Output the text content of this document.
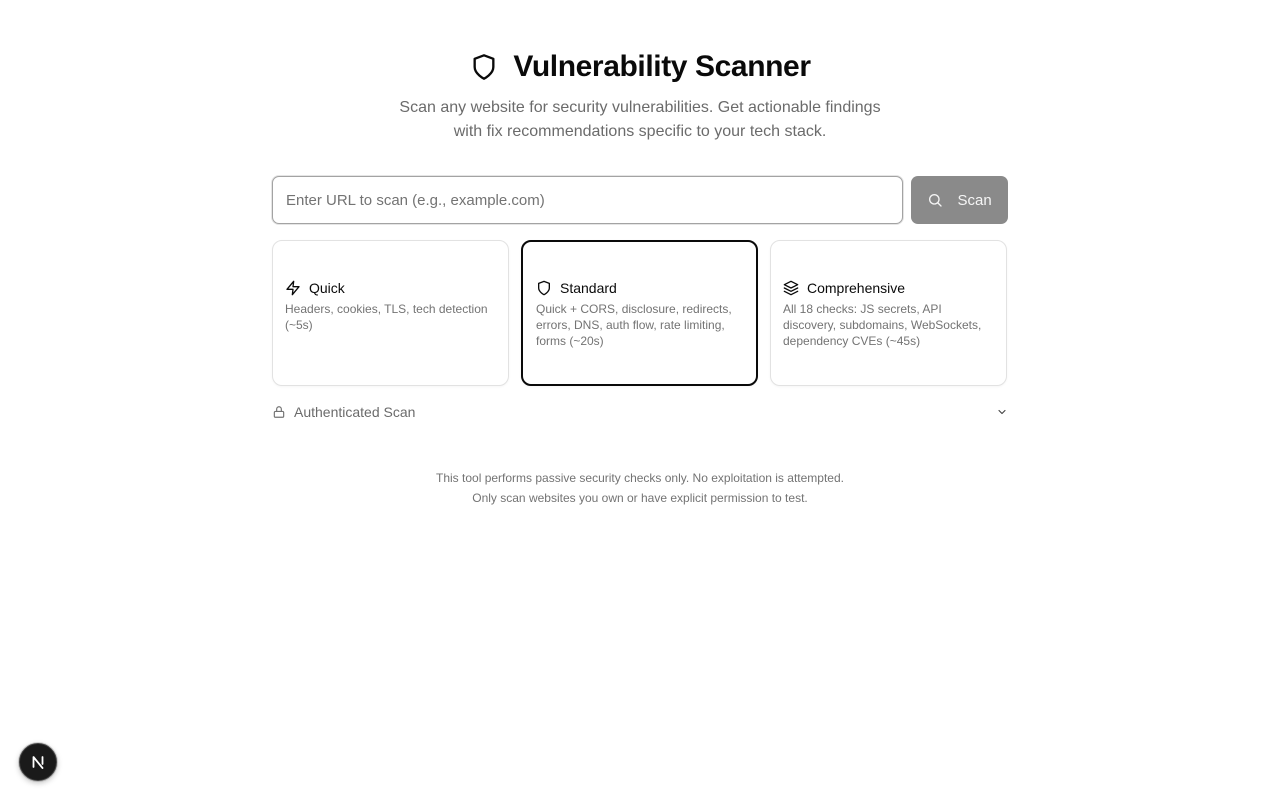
Vulnerability Scanner

Scan any website for security vulnerabilities. Get actionable findings with fix recommendations specific to your tech stack.

Enter URL to scan (e.g., example.com)
Scan
Quick

Headers, cookies, TLS, tech detection (~5s)

Standard

Quick + CORS, disclosure, redirects, errors, DNS, auth flow, rate limiting, forms (~20s)

Comprehensive

All 18 checks: JS secrets, API discovery, subdomains, WebSockets, dependency CVEs (~45s)

Authenticated Scan
This tool performs passive security checks only. No exploitation is attempted.
Only scan websites you own or have explicit permission to test.
